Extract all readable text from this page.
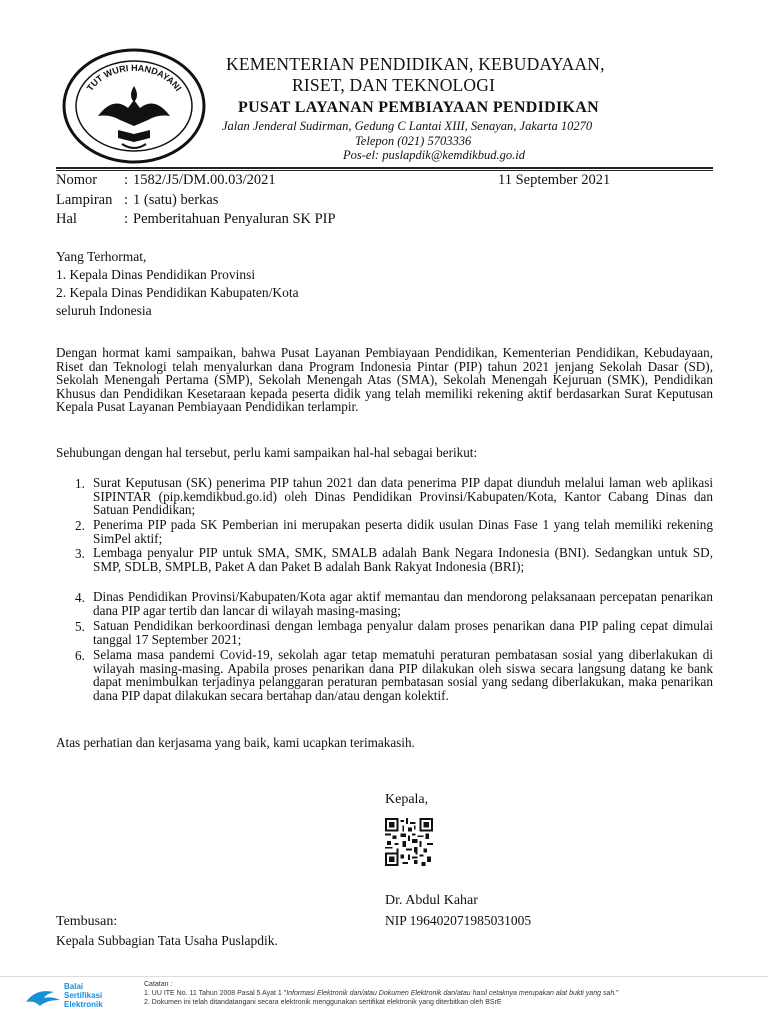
TUT WURI HANDAYANI
KEMENTERIAN PENDIDIKAN, KEBUDAYAAN,
RISET, DAN TEKNOLOGI
PUSAT LAYANAN PEMBIAYAAN PENDIDIKAN
Jalan Jenderal Sudirman, Gedung C Lantai XIII, Senayan, Jakarta 10270
Telepon (021) 5703336
Pos-el: puslapdik@kemdikbud.go.id
Nomor : 1582/J5/DM.00.03/2021	11 September 2021
Lampiran : 1 (satu) berkas
Hal	: Pemberitahuan Penyaluran SK PIP
Yang Terhormat,
1. Kepala Dinas Pendidikan Provinsi
2. Kepala Dinas Pendidikan Kabupaten/Kota
seluruh Indonesia
Dengan hormat kami sampaikan, bahwa Pusat Layanan Pembiayaan Pendidikan, Kementerian Pendidikan, Kebudayaan, Riset dan Teknologi telah menyalurkan dana Program Indonesia Pintar (PIP) tahun 2021 jenjang Sekolah Dasar (SD), Sekolah Menengah Pertama (SMP), Sekolah Menengah Atas (SMA), Sekolah Menengah Kejuruan (SMK), Pendidikan Khusus dan Pendidikan Kesetaraan kepada peserta didik yang telah memiliki rekening aktif berdasarkan Surat Keputusan Kepala Pusat Layanan Pembiayaan Pendidikan terlampir.
Sehubungan dengan hal tersebut, perlu kami sampaikan hal-hal sebagai berikut:
1. Surat Keputusan (SK) penerima PIP tahun 2021 dan data penerima PIP dapat diunduh melalui laman web aplikasi SIPINTAR (pip.kemdikbud.go.id) oleh Dinas Pendidikan Provinsi/Kabupaten/Kota, Kantor Cabang Dinas dan Satuan Pendidikan;
2. Penerima PIP pada SK Pemberian ini merupakan peserta didik usulan Dinas Fase 1 yang telah memiliki rekening SimPel aktif;
3. Lembaga penyalur PIP untuk SMA, SMK, SMALB adalah Bank Negara Indonesia (BNI). Sedangkan untuk SD, SMP, SDLB, SMPLB, Paket A dan Paket B adalah Bank Rakyat Indonesia (BRI);
4. Dinas Pendidikan Provinsi/Kabupaten/Kota agar aktif memantau dan mendorong pelaksanaan percepatan penarikan dana PIP agar tertib dan lancar di wilayah masing-masing;
5. Satuan Pendidikan berkoordinasi dengan lembaga penyalur dalam proses penarikan dana PIP paling cepat dimulai tanggal 17 September 2021;
6. Selama masa pandemi Covid-19, sekolah agar tetap mematuhi peraturan pembatasan sosial yang diberlakukan di wilayah masing-masing. Apabila proses penarikan dana PIP dilakukan oleh siswa secara langsung datang ke bank dapat menimbulkan terjadinya pelanggaran peraturan pembatasan sosial yang sedang diberlakukan, maka penarikan dana PIP dapat dilakukan secara bertahap dan/atau dengan kolektif.
Atas perhatian dan kerjasama yang baik, kami ucapkan terimakasih.
Kepala,
Dr. Abdul Kahar
NIP 196402071985031005
Tembusan:
Kepala Subbagian Tata Usaha Puslapdik.
Balai
Sertifikasi
Elektronik
Catatan :
1. UU ITE No. 11 Tahun 2008 Pasal 5 Ayat 1 "Informasi Elektronik dan/atau Dokumen Elektronik dan/atau hasil cetaknya merupakan alat bukti yang sah."
2. Dokumen ini telah ditandatangani secara elektronik menggunakan sertifikat elektronik yang diterbitkan oleh BSrE
